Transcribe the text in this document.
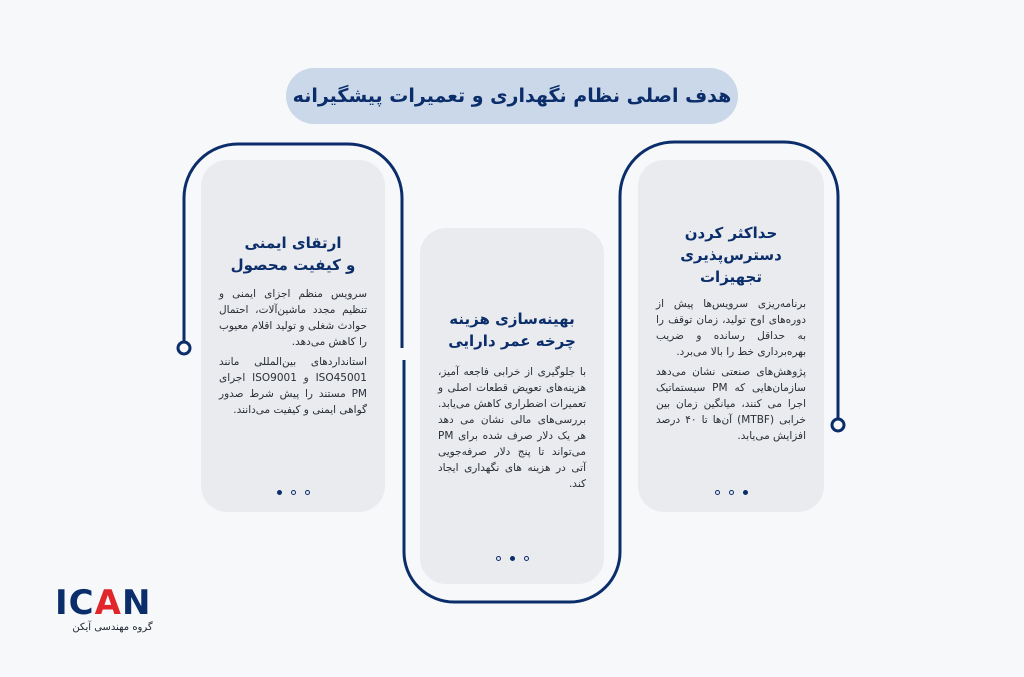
هدف اصلی نظام نگهداری و تعمیرات پیشگیرانه
حداکثر کردن
دسترس‌پذیری تجهیزات

برنامه‌ریزی سرویس‌ها پیش از دوره‌های اوج تولید، زمان توقف را به حداقل رسانده و ضریب بهره‌برداری خط را بالا می‌برد.

پژوهش‌های صنعتی نشان می‌دهد سازمان‌هایی که PM سیستماتیک اجرا می کنند، میانگین زمان بین خرابی (MTBF) آن‌ها تا ۴۰ درصد افزایش می‌یابد.

بهینه‌سازی هزینه
چرخه عمر دارایی

با جلوگیری از خرابی فاجعه آمیز، هزینه‌های تعویض قطعات اصلی و تعمیرات اضطراری کاهش می‌یابد. بررسی‌های مالی نشان می دهد هر یک دلار صرف شده برای PM می‌تواند تا پنج دلار صرفه‌جویی آتی در هزینه های نگهداری ایجاد کند.

ارتقای ایمنی
و کیفیت محصول

سرویس منظم اجزای ایمنی و تنظیم مجدد ماشین‌آلات، احتمال حوادث شغلی و تولید اقلام معیوب را کاهش می‌دهد.

استانداردهای بین‌المللی مانند ISO45001 و ISO9001 اجرای PM مستند را پیش شرط صدور گواهی ایمنی و کیفیت می‌دانند.

IC A N
گروه مهندسی آیکن
